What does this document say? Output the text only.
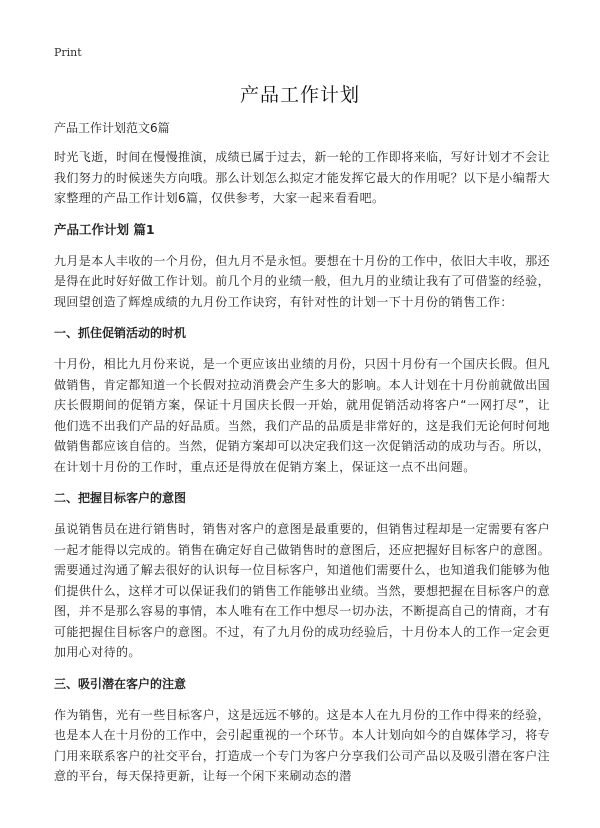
Print
产品工作计划
产品工作计划范文6篇

时光飞逝，时间在慢慢推演，成绩已属于过去，新一轮的工作即将来临，写好计划才不会让我们努力的时候迷失方向哦。那么计划怎么拟定才能发挥它最大的作用呢？以下是小编帮大家整理的产品工作计划6篇，仅供参考，大家一起来看看吧。

产品工作计划 篇1

九月是本人丰收的一个月份，但九月不是永恒。要想在十月份的工作中，依旧大丰收，那还是得在此时好好做工作计划。前几个月的业绩一般，但九月的业绩让我有了可借鉴的经验，现回望创造了辉煌成绩的九月份工作诀窍，有针对性的计划一下十月份的销售工作：

一、抓住促销活动的时机

十月份，相比九月份来说，是一个更应该出业绩的月份，只因十月份有一个国庆长假。但凡做销售，肯定都知道一个长假对拉动消费会产生多大的影响。本人计划在十月份前就做出国庆长假期间的促销方案，保证十月国庆长假一开始，就用促销活动将客户“一网打尽”，让他们选不出我们产品的好品质。当然，我们产品的品质是非常好的，这是我们无论何时何地做销售都应该自信的。当然，促销方案却可以决定我们这一次促销活动的成功与否。所以，在计划十月份的工作时，重点还是得放在促销方案上，保证这一点不出问题。

二、把握目标客户的意图

虽说销售员在进行销售时，销售对客户的意图是最重要的，但销售过程却是一定需要有客户一起才能得以完成的。销售在确定好自己做销售时的意图后，还应把握好目标客户的意图。需要通过沟通了解去很好的认识每一位目标客户，知道他们需要什么，也知道我们能够为他们提供什么，这样才可以保证我们的销售工作能够出业绩。当然，要想把握在目标客户的意图，并不是那么容易的事情，本人唯有在工作中想尽一切办法，不断提高自己的情商，才有可能把握住目标客户的意图。不过，有了九月份的成功经验后，十月份本人的工作一定会更加用心对待的。

三、吸引潜在客户的注意

作为销售，光有一些目标客户，这是远远不够的。这是本人在九月份的工作中得来的经验，也是本人在十月份的工作中，会引起重视的一个环节。本人计划向如今的自媒体学习，将专门用来联系客户的社交平台，打造成一个专门为客户分享我们公司产品以及吸引潜在客户注意的平台，每天保持更新，让每一个闲下来刷动态的潜
